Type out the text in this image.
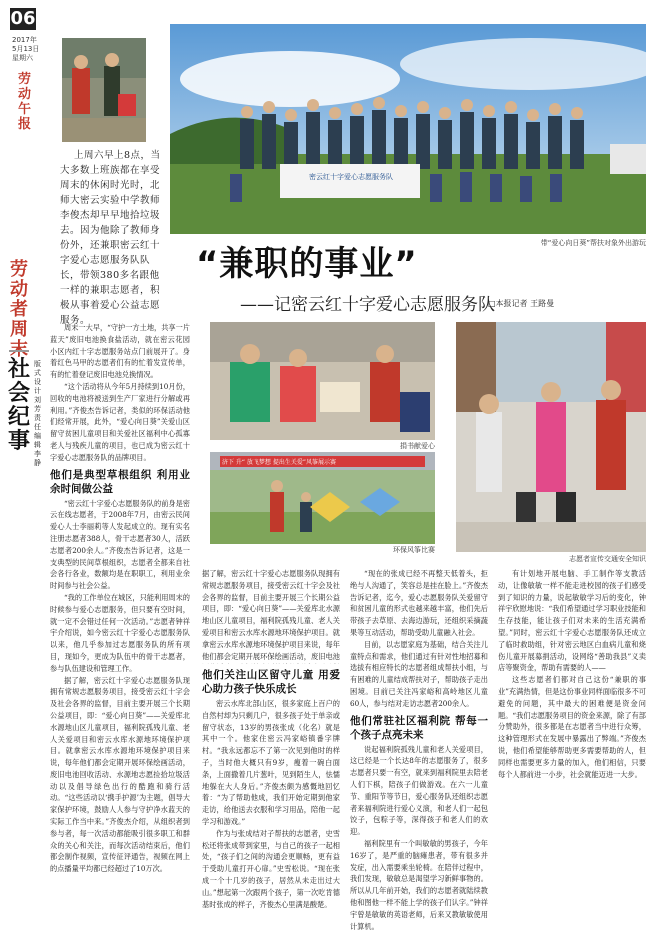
06
2017年
5月13日
星期六
劳动午报
上周六早上8点，当大多数上班族都在享受周末的休闲时光时，北师大密云实验中学教师李俊杰却早早地拾垃圾去。因为他除了教师身份外，还兼职密云红十字爱心志愿服务队队长，带领380多名跟他一样的兼职志愿者，积极从事着爱心公益志愿服务。
密云红十字爱心志愿服务队
带“爱心向日葵”帮扶对象外出游玩
劳动者周末
社会纪事
版式设计
刘芳
责任编辑
李静
“兼职的事业”
——记密云红十字爱心志愿服务队
□本报记者 王路曼

周末一大早，“守护一方土地，共享一片蓝天”废旧电池换食盐活动，就在密云花园小区内红十字志愿服务站点门前展开了。身着红色马甲的志愿者们有的忙着发宣传单，有的忙着登记废旧电池兑换情况。

“这个活动将从今年5月持续到10月份，回收的电池将被送到生产厂家进行分解或再利用。”齐俊杰告诉记者，类似的环保活动他们经常开展，此外，“爱心向日葵”关爱山区留守贫困儿童项目和关爱社区福利中心孤寡老人与残疾儿童的项目，也已成为密云红十字爱心志愿服务队的品牌项目。

他们是典型草根组织 利用业余时间做公益

“密云红十字爱心志愿服务队的前身是密云在线志愿者，于2008年7月，由密云民间爱心人士李丽莉等人发起成立的。现有实名注册志愿者388人，骨干志愿者30人，活跃志愿者200余人。”齐俊杰告诉记者，这是一支典型的民间草根组织，志愿者全都来自社会各行各业，数额均是在职职工，利用业余时间参与社会公益。

“我的工作单位在城区，只能利用周末的时候参与爱心志愿服务，但只要有空时间，就一定不会错过任何一次活动。”志愿者钟祥宇介绍说，如今密云红十字爱心志愿服务队以来，他几乎参加过志愿服务队的所有项目，现如今，更成为队伍中的骨干志愿者，参与队伍建设和管理工作。

据了解，密云红十字爱心志愿服务队现拥有常规志愿服务项目，接受密云红十字会及社会各界的监督，目前主要开展三个长期公益项目，即：“爱心向日葵”——关爱库北水源地山区儿童项目，福利院孤残儿童、老人关爱项目和密云水库水源地环境保护项目。就拿密云水库水源地环境保护项目来说，每年他们都会定期开展环保绘画活动，废旧电池回收活动、水源地志愿捡拾垃圾活动以及倡导绿色出行的酷跑和骑行活动。“这些活动以‘携手护源’为主题，倡导大家保护环境，鼓励人人参与守护净水蓝天的实际工作当中来。”齐俊杰介绍，从组织者到参与者，每一次活动都能吸引很多职工和群众的关心和关注，而每次活动结束后，他们都会制作视频，宣传征评通告，视频在网上的点播量平均都已经超过了10万次。

捐书献爱心
济下 升“ 放飞梦想 提出生关爱”风筝展示赛
环保风筝比赛
志愿者宣传交通安全知识

据了解，密云红十字爱心志愿服务队现拥有常规志愿服务项目，接受密云红十字会及社会各界的监督，目前主要开展三个长期公益项目，即：“爱心向日葵”——关爱库北水源地山区儿童项目，福利院孤残儿童、老人关爱项目和密云水库水源地环境保护项目。就拿密云水库水源地环境保护项目来说，每年他们都会定期开展环保绘画活动，废旧电池

他们关注山区留守儿童 用爱心助力孩子快乐成长

密云水库北部山区，很多家庭上百户的自然村却为只剩几户，很多孩子处于单亲或留守状态，13岁的男孩张成（化名）就是其中一个。他家住密云冯家峪镇番字牌村。“我永远都忘不了第一次见到他时的样子，当时他大概只有9岁，瘦着一碗白面条，上面撒着几片葱叶，见到陌生人，怯懦地躲在大人身后。”齐俊杰颇为感慨地回忆着：“为了帮助他成，我们开始定期到他家走访，给他送去衣服和学习用品，陪他一起学习和游戏。”

作为与张成结对子帮扶的志愿者，史雪松还将张成带到家里，与自己的孩子一起相处，“孩子们之间的沟通会更顺畅，更有益于受助儿童打开心扉。”史雪松说。“现在张成一个十几岁的孩子，居然从未走出过大山。”想起第一次跟两个孩子，第一次吃肯德基时张成的样子，齐俊杰心里满是酸楚。

“现在的张成已经不再整天低着头，拒绝与人沟通了，笑容总是挂在脸上。”齐俊杰告诉记者，迄今，爱心志愿服务队关爱留守和贫困儿童的形式也越来越丰富，他们先后带孩子去草原、去海边游玩，还组织采摘蔬果等互动活动，帮助受助儿童融入社会。

目前，以志愿家庭为基础，结合关注儿童特点和需求，他们通过有针对性地招募和选拔有相应特长的志愿者组成帮扶小组，与有困难的儿童结成帮扶对子，帮助孩子走出困境。目前已关注冯家峪和高岭地区儿童60人，参与结对走访志愿者200余人。

他们常驻社区福利院 帮每一个孩子点亮未来

说起福利院孤残儿童和老人关爱项目，这已经是一个长达8年的志愿服务了，很多志愿者只要一有空，就来到福利院里去陪老人们下棋，陪孩子们做游戏。在六一儿童节、重阳节等节日，爱心服务队还组织志愿者来福利院进行爱心义演，和老人们一起包饺子，包粽子等，深得孩子和老人们的欢迎。

福利院里有一个叫敏敏的男孩子，今年16岁了，是严重的脑瘫患者，带有很多并发症，出入需要乘坐轮椅。在陪伴过程中，我们发现，敏敏总是渴望学习新鲜事物的。所以从几年前开始，我们的志愿者就陆续教他和图他一样不能上学的孩子们认字。”钟祥宇曾是敏敏的英语老师，后来又教敏敏使用计算机。

有计划地开展电脑、手工制作等支教活动，让像敏敏一样不能走进校园的孩子们感受到了知识的力量，说起敏敏学习后的变化，钟祥宇欣慰地说：“我们希望通过学习职业技能和生存技能，能让孩子们对未来的生活充满希望。”同时，密云红十字爱心志愿服务队还成立了临时救助组，针对密云地区白血病儿童和烧伤儿童开展募捐活动，设网络“善助我县”义卖店等聚资金，帮助有需要的人——

这些志愿者们都对自己这份“兼职的事业”充满热情，但是这份事业同样面临很多不可避免的问题，其中最大的困难便是资金问题。“我们志愿服务项目的资金来源，除了有部分赞助外，很多都是在志愿者当中进行众筹，这种管理形式在发展中暴露出了弊端。”齐俊杰说，他们希望能够帮助更多需要帮助的人，但同样也需要更多力量的加入，他们相信，只要每个人都前进一小步，社会就能迈进一大步。
